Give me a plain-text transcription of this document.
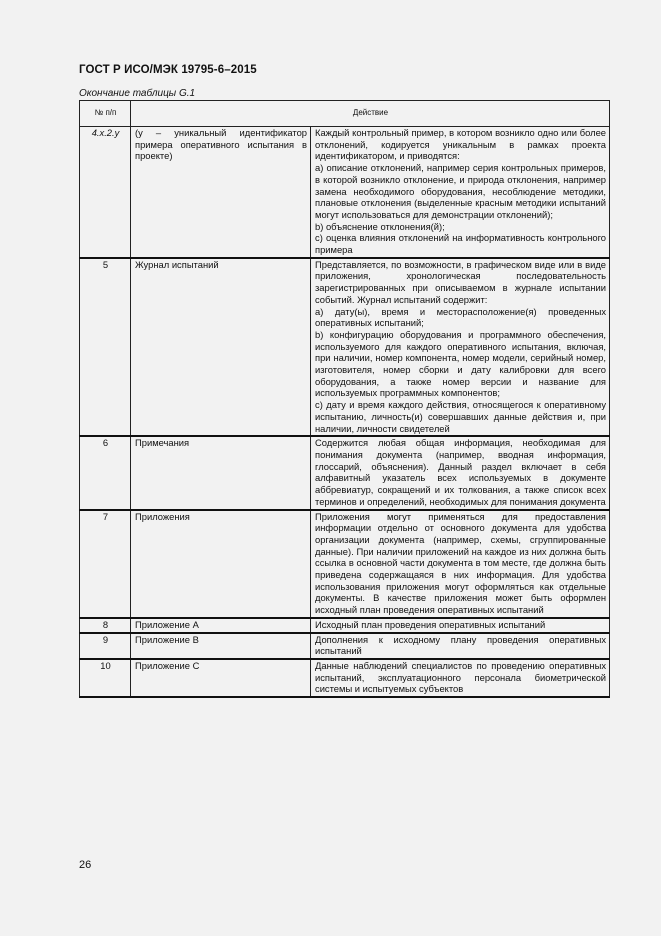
ГОСТ Р ИСО/МЭК 19795-6–2015
Окончание таблицы G.1
№ п/п	Действие	
4.x.2.y	(y – уникальный идентификатор примера оперативного испытания в проекте)	Каждый контрольный пример, в котором возникло одно или более отклонений, кодируется уникальным в рамках проекта идентификатором, и приводятся:
а) описание отклонений, например серия контрольных примеров, в которой возникло отклонение, и природа отклонения, например замена необходимого оборудования, несоблюдение методики, плановые отклонения (выделенные красным методики испытаний могут использоваться для демонстрации отклонений);
b) объяснение отклонения(й);
c) оценка влияния отклонений на информативность контрольного примера

5	Журнал испытаний	Представляется, по возможности, в графическом виде или в виде приложения, хронологическая последовательность зарегистрированных при описываемом в журнале испытании событий. Журнал испытаний содержит:
а) дату(ы), время и месторасположение(я) проведенных оперативных испытаний;
b) конфигурацию оборудования и программного обеспечения, используемого для каждого оперативного испытания, включая, при наличии, номер компонента, номер модели, серийный номер, изготовителя, номер сборки и дату калибровки для всего оборудования, а также номер версии и название для используемых программных компонентов;
c) дату и время каждого действия, относящегося к оперативному испытанию, личность(и) совершавших данные действия и, при наличии, личности свидетелей

6	Примечания	Содержится любая общая информация, необходимая для понимания документа (например, вводная информация, глоссарий, объяснения). Данный раздел включает в себя алфавитный указатель всех используемых в документе аббревиатур, сокращений и их толкования, а также список всех терминов и определений, необходимых для понимания документа

7	Приложения	Приложения могут применяться для предоставления информации отдельно от основного документа для удобства организации документа (например, схемы, сгруппированные данные). При наличии приложений на каждое из них должна быть ссылка в основной части документа в том месте, где должна быть приведена содержащаяся в них информация. Для удобства использования приложения могут оформляться как отдельные документы. В качестве приложения может быть оформлен исходный план проведения оперативных испытаний

8	Приложение A	Исходный план проведения оперативных испытаний

9	Приложение B	Дополнения к исходному плану проведения оперативных испытаний

10	Приложение C	Данные наблюдений специалистов по проведению оперативных испытаний, эксплуатационного персонала биометрической системы и испытуемых субъектов
26
